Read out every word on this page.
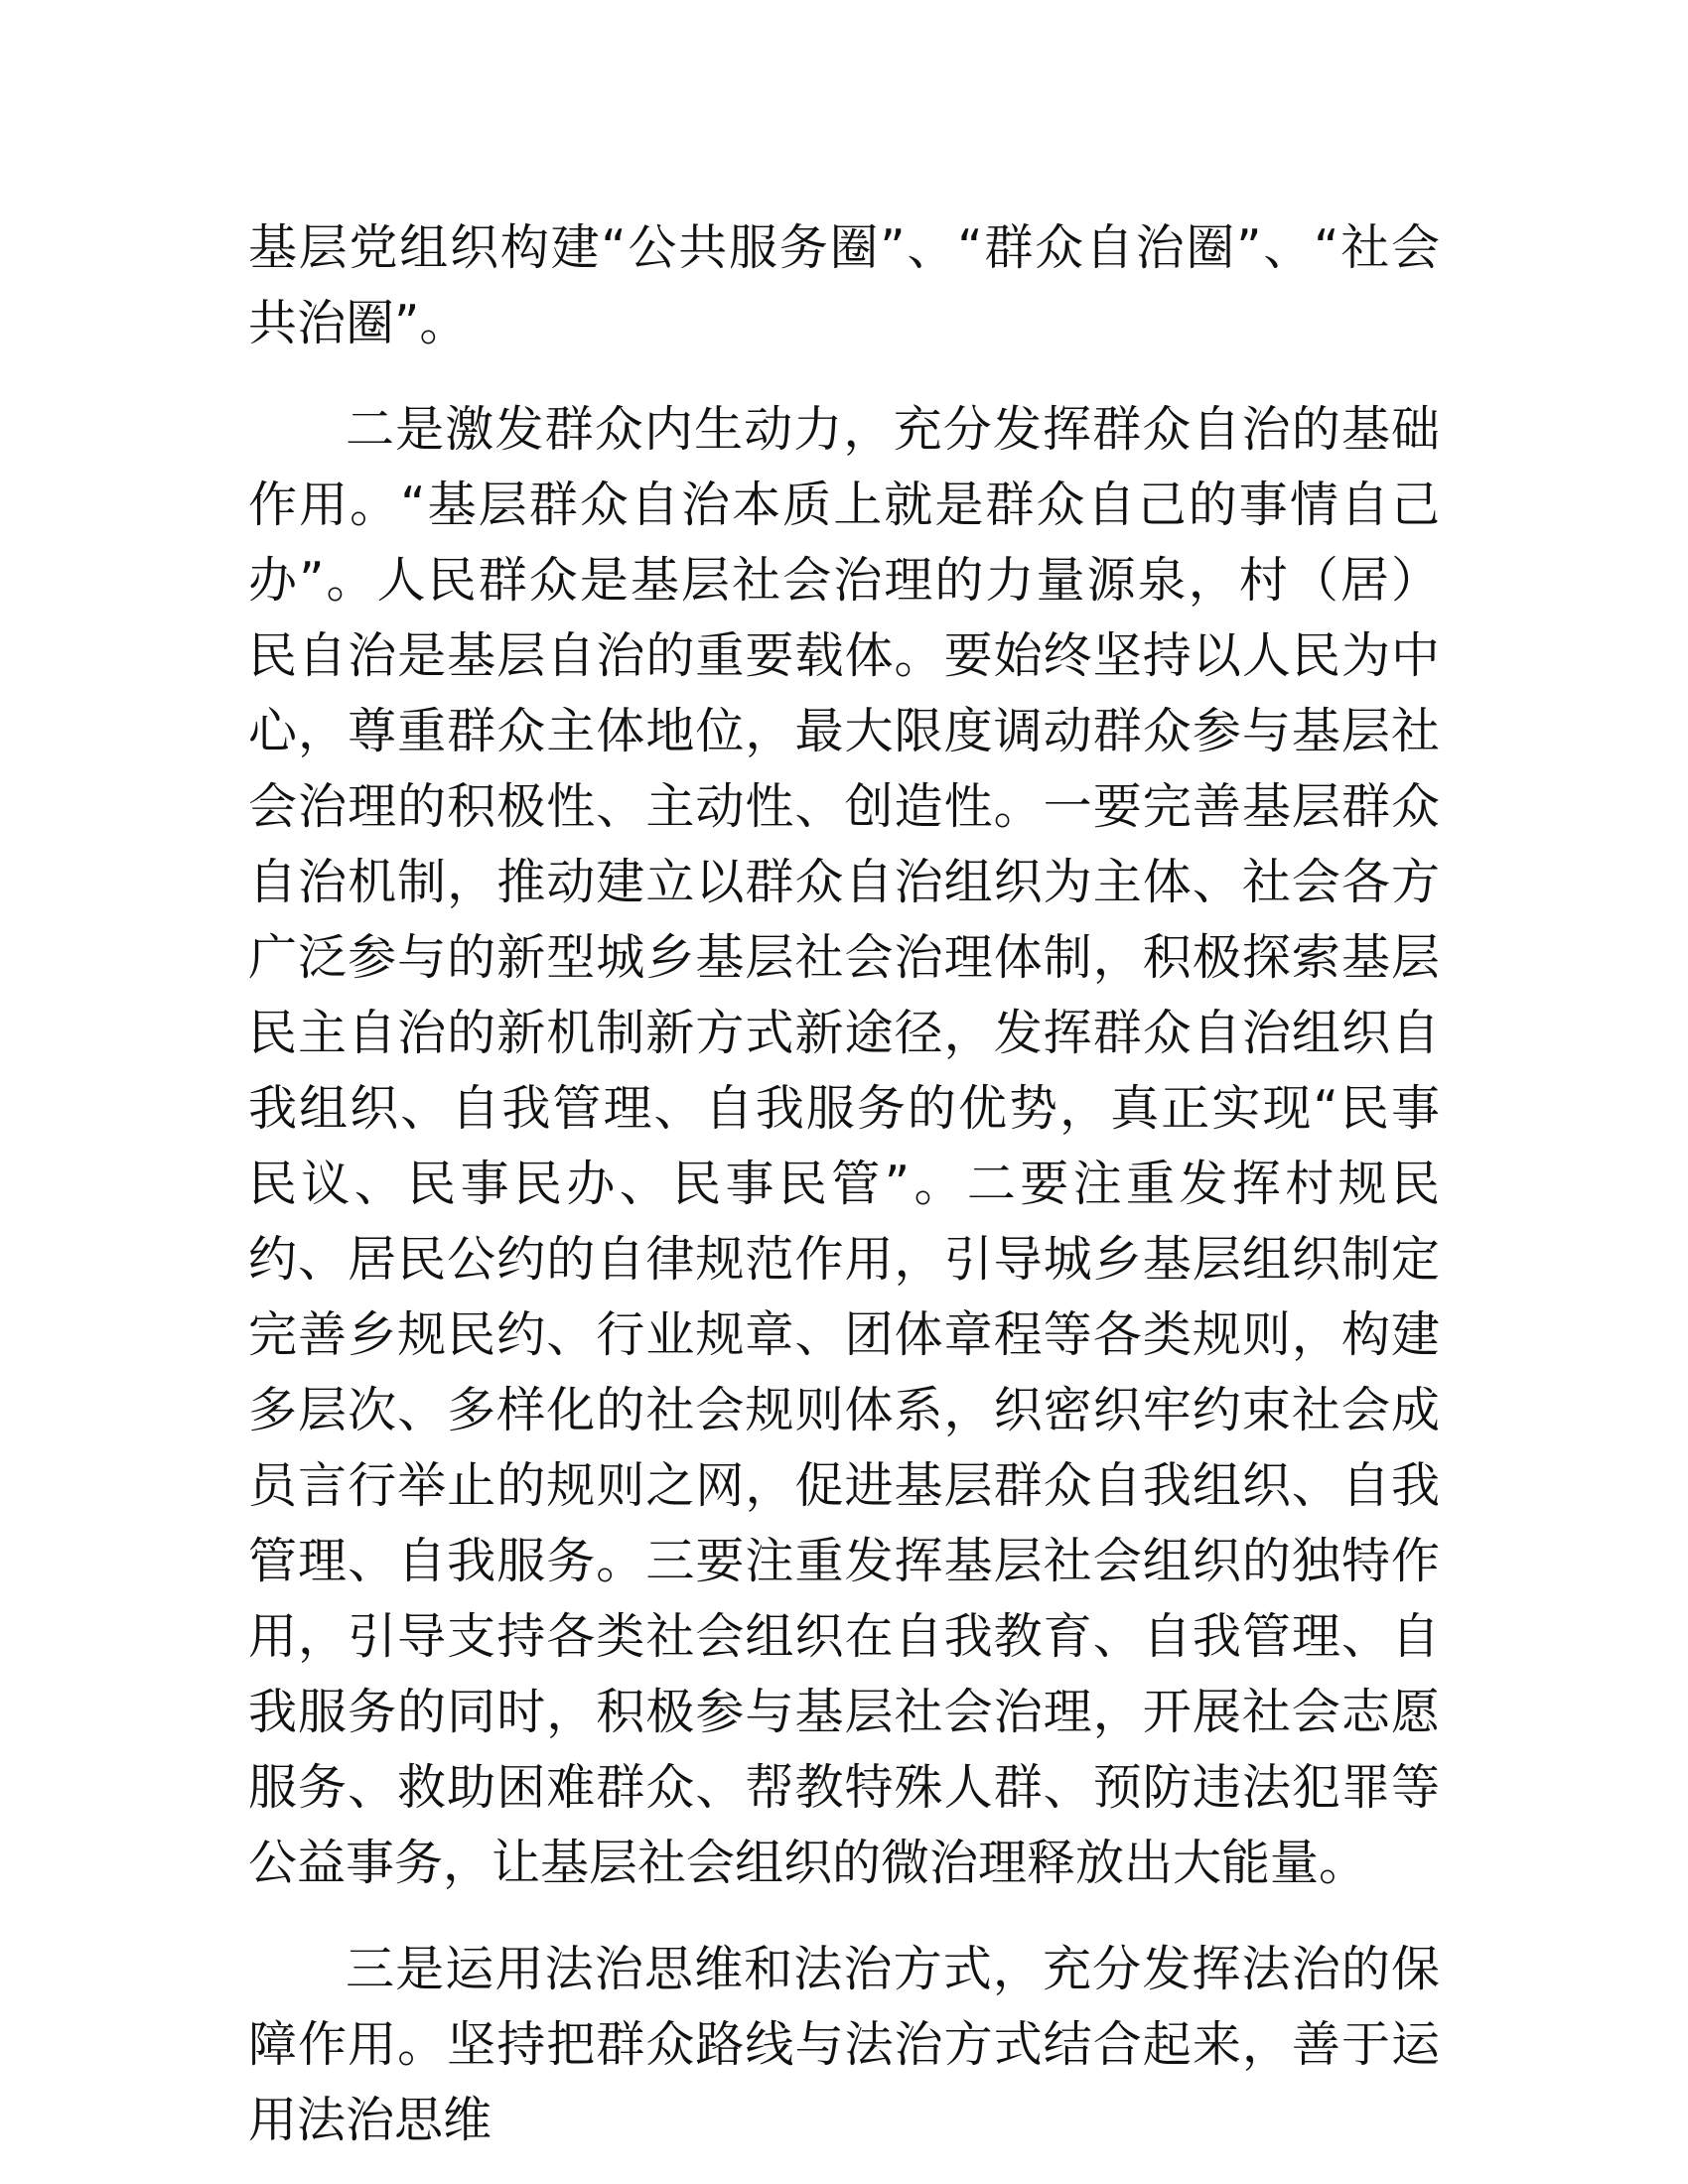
基层党组织构建“公共服务圈”、“群众自治圈”、“社会共治圈”。

二是激发群众内生动力，充分发挥群众自治的基础作用。“基层群众自治本质上就是群众自己的事情自己办”。人民群众是基层社会治理的力量源泉，村（居）民自治是基层自治的重要载体。要始终坚持以人民为中心，尊重群众主体地位，最大限度调动群众参与基层社会治理的积极性、主动性、创造性。一要完善基层群众自治机制，推动建立以群众自治组织为主体、社会各方广泛参与的新型城乡基层社会治理体制，积极探索基层民主自治的新机制新方式新途径，发挥群众自治组织自我组织、自我管理、自我服务的优势，真正实现“民事民议、民事民办、民事民管”。二要注重发挥村规民约、居民公约的自律规范作用，引导城乡基层组织制定完善乡规民约、行业规章、团体章程等各类规则，构建多层次、多样化的社会规则体系，织密织牢约束社会成员言行举止的规则之网，促进基层群众自我组织、自我管理、自我服务。三要注重发挥基层社会组织的独特作用，引导支持各类社会组织在自我教育、自我管理、自我服务的同时，积极参与基层社会治理，开展社会志愿服务、救助困难群众、帮教特殊人群、预防违法犯罪等公益事务，让基层社会组织的微治理释放出大能量。

三是运用法治思维和法治方式，充分发挥法治的保障作用。坚持把群众路线与法治方式结合起来，善于运用法治思维
